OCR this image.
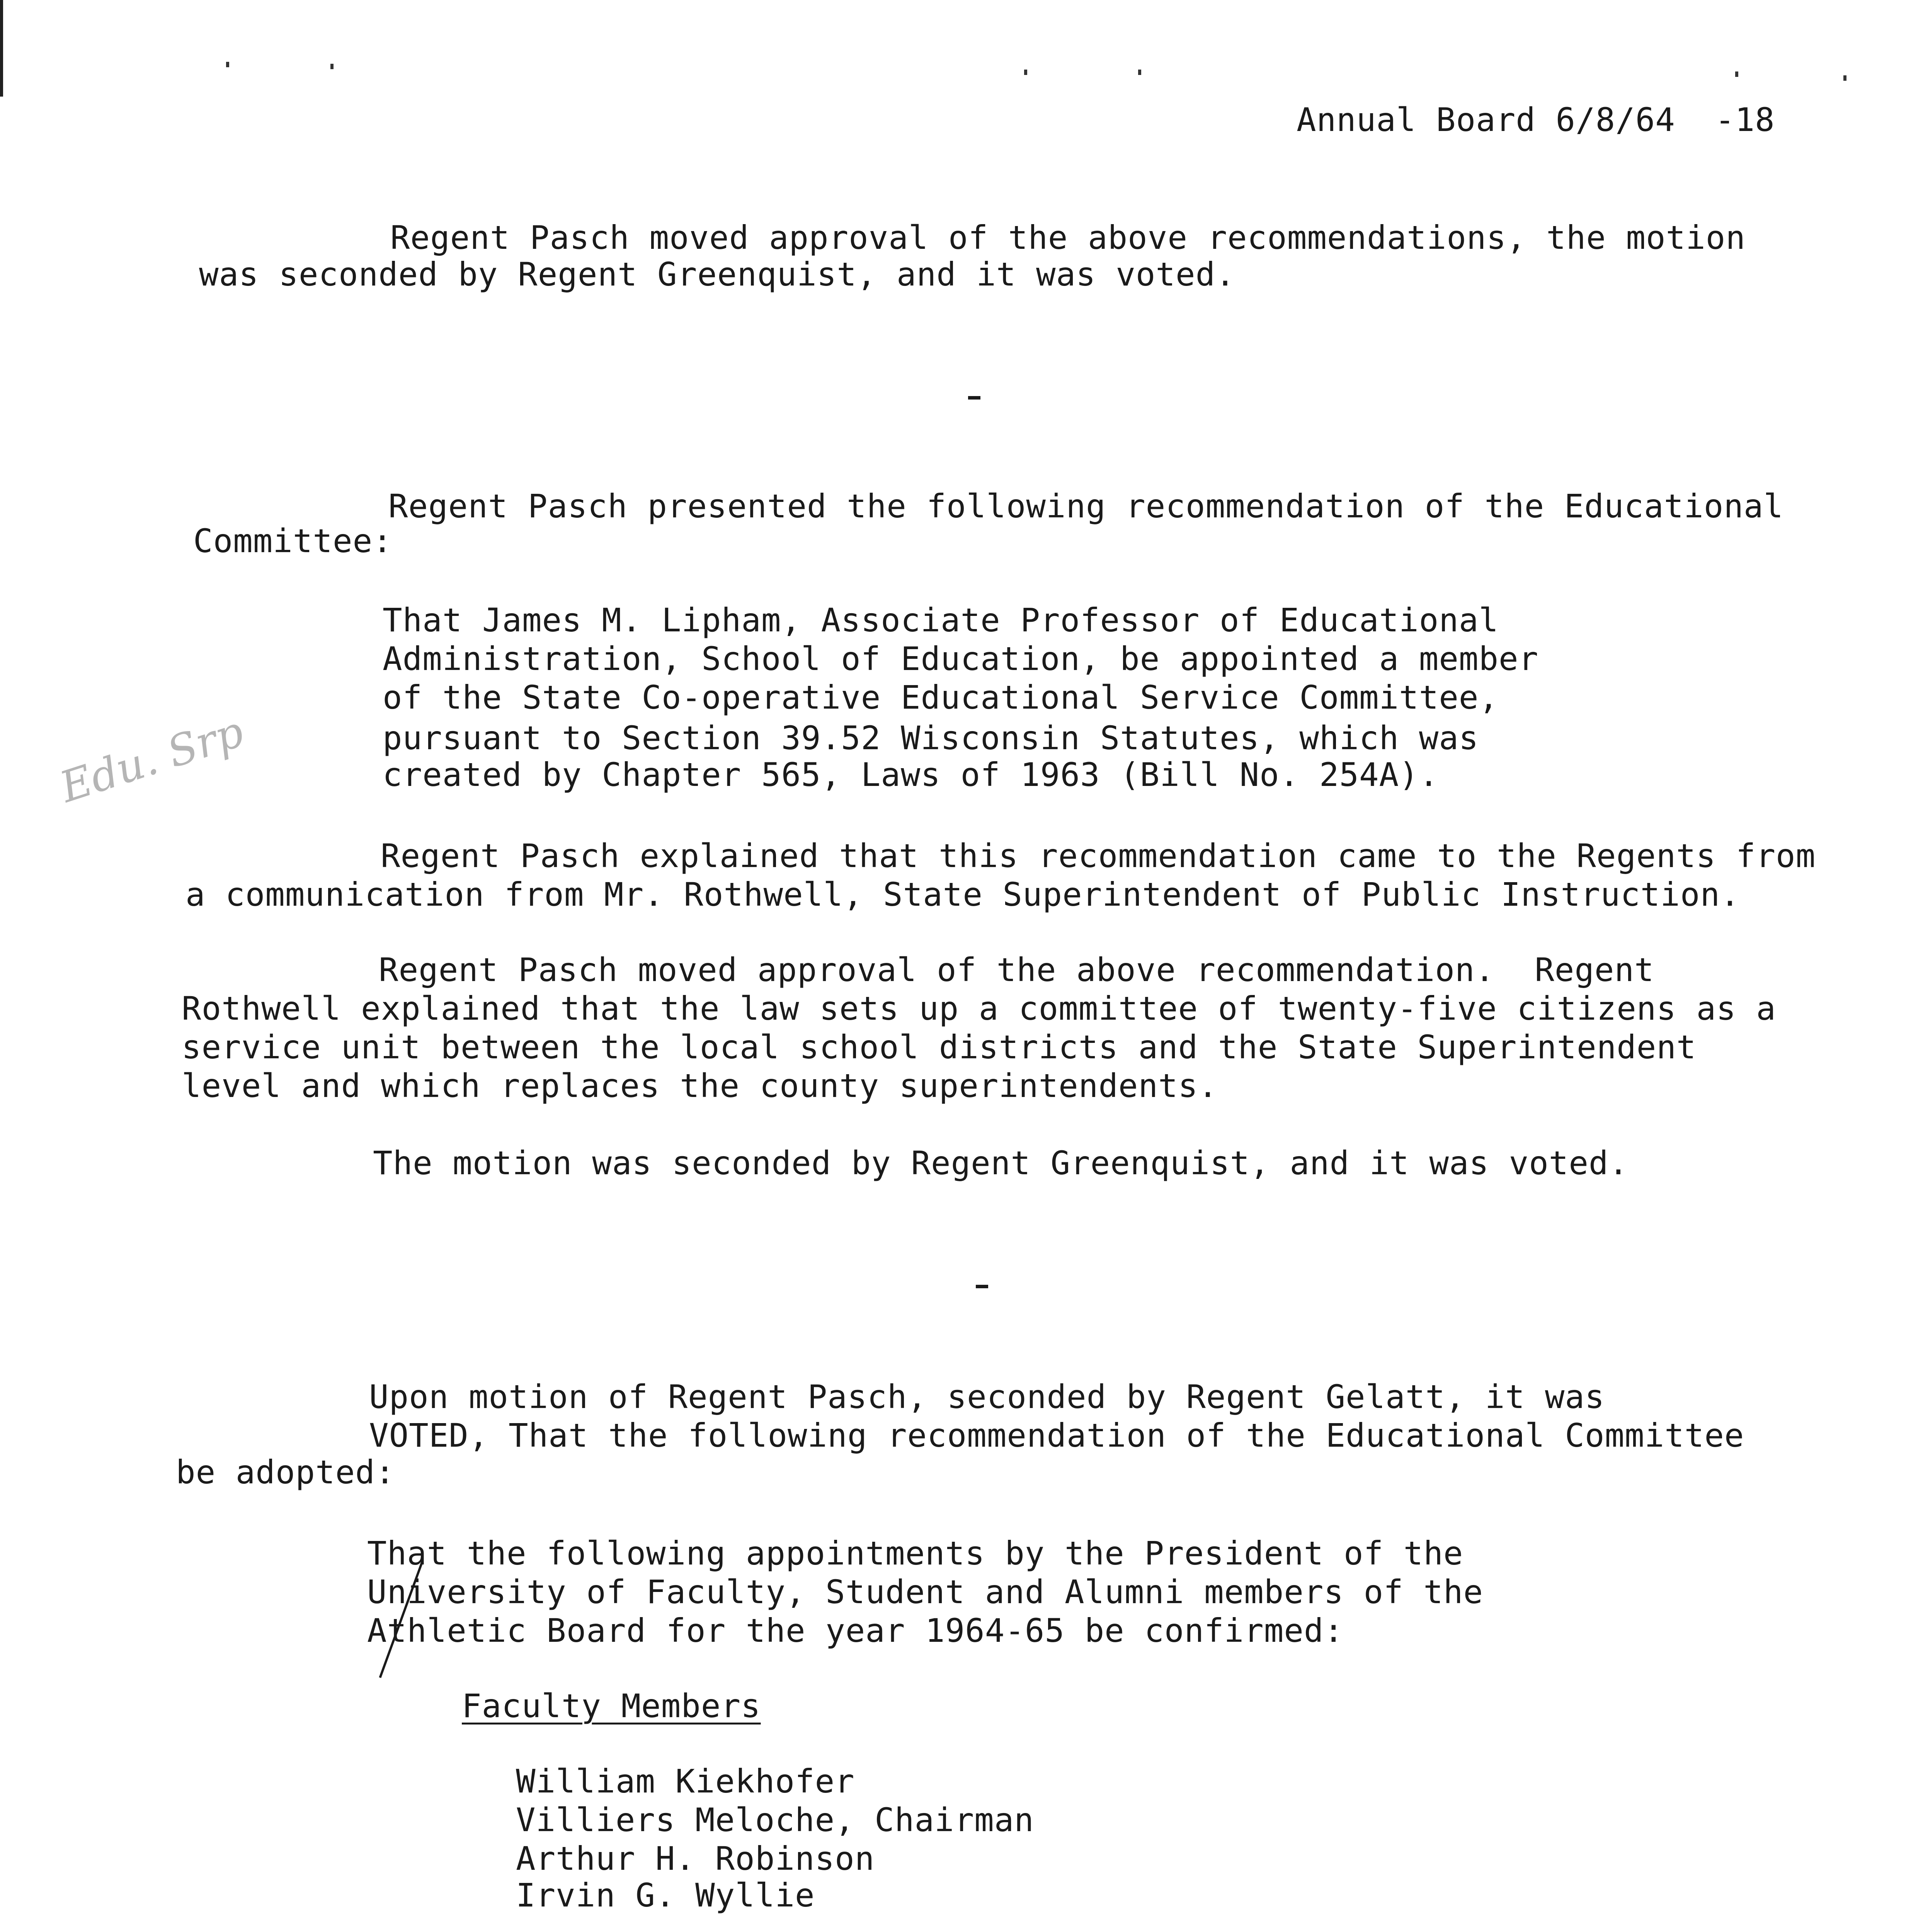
Annual Board 6/8/64  -18
Regent Pasch moved approval of the above recommendations, the motion
was seconded by Regent Greenquist, and it was voted.
Regent Pasch presented the following recommendation of the Educational
Committee:
That James M. Lipham, Associate Professor of Educational
Administration, School of Education, be appointed a member
of the State Co-operative Educational Service Committee,
pursuant to Section 39.52 Wisconsin Statutes, which was
created by Chapter 565, Laws of 1963 (Bill No. 254A).
Edu. Srp
Regent Pasch explained that this recommendation came to the Regents from
a communication from Mr. Rothwell, State Superintendent of Public Instruction.
Regent Pasch moved approval of the above recommendation.  Regent
Rothwell explained that the law sets up a committee of twenty-five citizens as a
service unit between the local school districts and the State Superintendent
level and which replaces the county superintendents.
The motion was seconded by Regent Greenquist, and it was voted.
Upon motion of Regent Pasch, seconded by Regent Gelatt, it was
VOTED, That the following recommendation of the Educational Committee
be adopted:
That the following appointments by the President of the
University of Faculty, Student and Alumni members of the
Athletic Board for the year 1964-65 be confirmed:
Faculty Members
William Kiekhofer
Villiers Meloche, Chairman
Arthur H. Robinson
Irvin G. Wyllie
